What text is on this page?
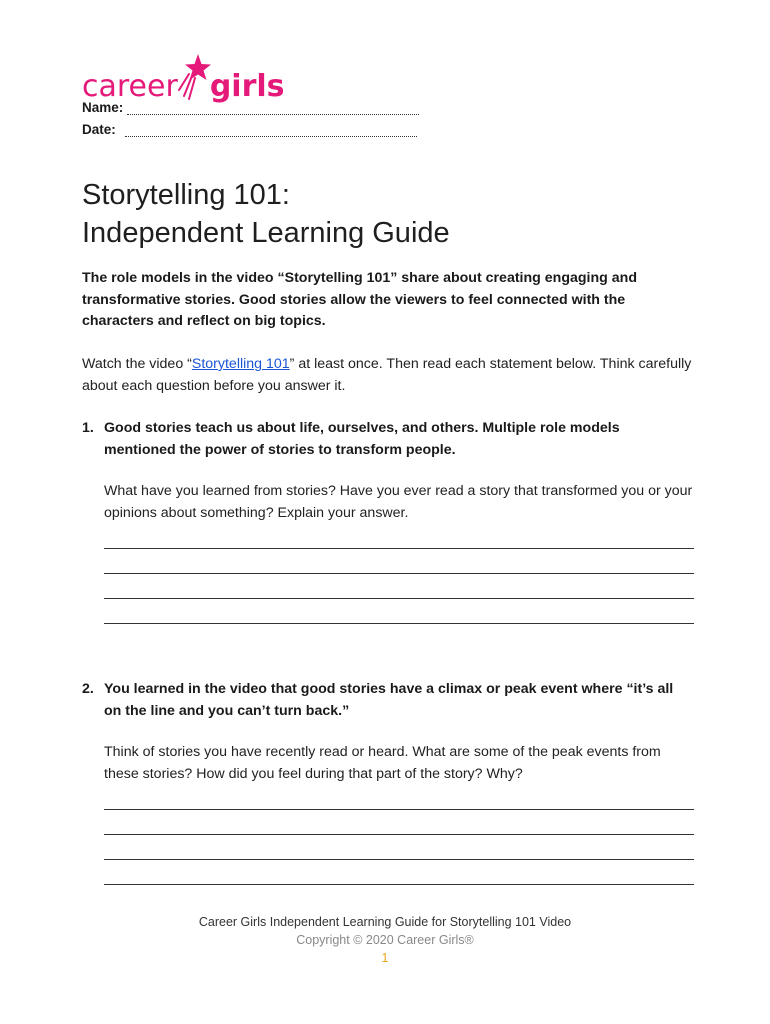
career girls
Name:
Date:
Storytelling 101:
Independent Learning Guide

The role models in the video “Storytelling 101” share about creating engaging and transformative stories. Good stories allow the viewers to feel connected with the characters and reflect on big topics.

Watch the video “Storytelling 101” at least once. Then read each statement below. Think carefully about each question before you answer it.

1. Good stories teach us about life, ourselves, and others. Multiple role models mentioned the power of stories to transform people.
What have you learned from stories? Have you ever read a story that transformed you or your opinions about something? Explain your answer.
2. You learned in the video that good stories have a climax or peak event where “it’s all on the line and you can’t turn back.”
Think of stories you have recently read or heard. What are some of the peak events from these stories? How did you feel during that part of the story? Why?
Career Girls Independent Learning Guide for Storytelling 101 Video
Copyright © 2020 Career Girls®
1
